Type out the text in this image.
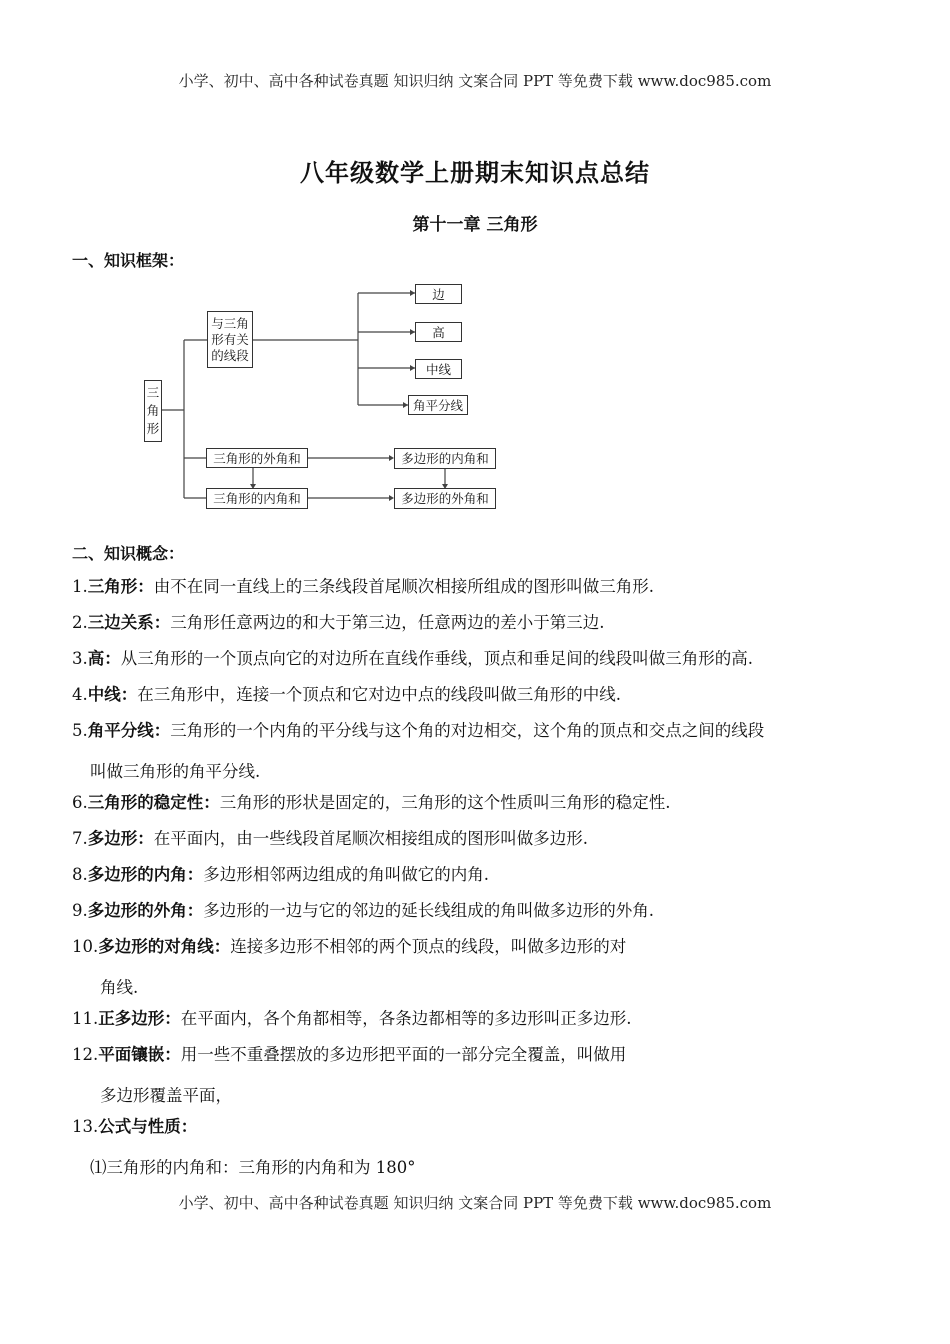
小学、初中、高中各种试卷真题 知识归纳 文案合同 PPT 等免费下载 www.doc985.com
八年级数学上册期末知识点总结
第十一章 三角形
一、知识框架：
三角形
与三角形有关的线段
边
高
中线
角平分线
三角形的外角和
三角形的内角和
多边形的内角和
多边形的外角和
二、知识概念：
1.三角形：由不在同一直线上的三条线段首尾顺次相接所组成的图形叫做三角形.
2.三边关系：三角形任意两边的和大于第三边，任意两边的差小于第三边.
3.高：从三角形的一个顶点向它的对边所在直线作垂线，顶点和垂足间的线段叫做三角形的高.
4.中线：在三角形中，连接一个顶点和它对边中点的线段叫做三角形的中线.
5.角平分线：三角形的一个内角的平分线与这个角的对边相交，这个角的顶点和交点之间的线段
叫做三角形的角平分线.
6.三角形的稳定性：三角形的形状是固定的，三角形的这个性质叫三角形的稳定性.
7.多边形：在平面内，由一些线段首尾顺次相接组成的图形叫做多边形.
8.多边形的内角：多边形相邻两边组成的角叫做它的内角.
9.多边形的外角：多边形的一边与它的邻边的延长线组成的角叫做多边形的外角.
10.多边形的对角线：连接多边形不相邻的两个顶点的线段，叫做多边形的对
角线.
11.正多边形：在平面内，各个角都相等，各条边都相等的多边形叫正多边形.
12.平面镶嵌：用一些不重叠摆放的多边形把平面的一部分完全覆盖，叫做用
多边形覆盖平面，
13.公式与性质：
⑴三角形的内角和：三角形的内角和为 180°
小学、初中、高中各种试卷真题 知识归纳 文案合同 PPT 等免费下载 www.doc985.com
